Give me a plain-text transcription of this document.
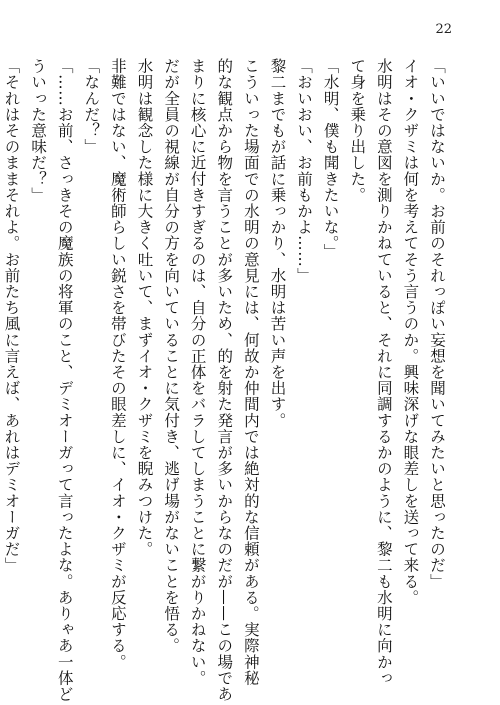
22
「いいではないか。お前のそれっぽい妄想を聞いてみたいと思ったのだ」
イオ・クザミは何を考えてそう言うのか。興味深げな眼差しを送って来る。
水明はその意図を測りかねていると、それに同調するかのように、黎二も水明に向かっ
て身を乗り出した。
「水明、僕も聞きたいな。」
「おいおい、お前もかよ……」
黎二までもが話に乗っかり、水明は苦い声を出す。
こういった場面での水明の意見には、何故か仲間内では絶対的な信頼がある。実際神秘
的な観点から物を言うことが多いため、的を射た発言が多いからなのだが——この場であ
まりに核心に近付きすぎるのは、自分の正体をバラしてしまうことに繋がりかねない。
だが全員の視線が自分の方を向いていることに気付き、逃げ場がないことを悟る。
水明は観念した様に大きく吐いて、まずイオ・クザミを睨みつけた。
非難ではない、魔術師らしい鋭さを帯びたその眼差しに、イオ・クザミが反応する。
「なんだ？」
「……お前、さっきその魔族の将軍のこと、デミオーガって言ったよな。ありゃあ一体ど
ういった意味だ？」
「それはそのままそれよ。お前たち風に言えば、あれはデミオーガだ」
